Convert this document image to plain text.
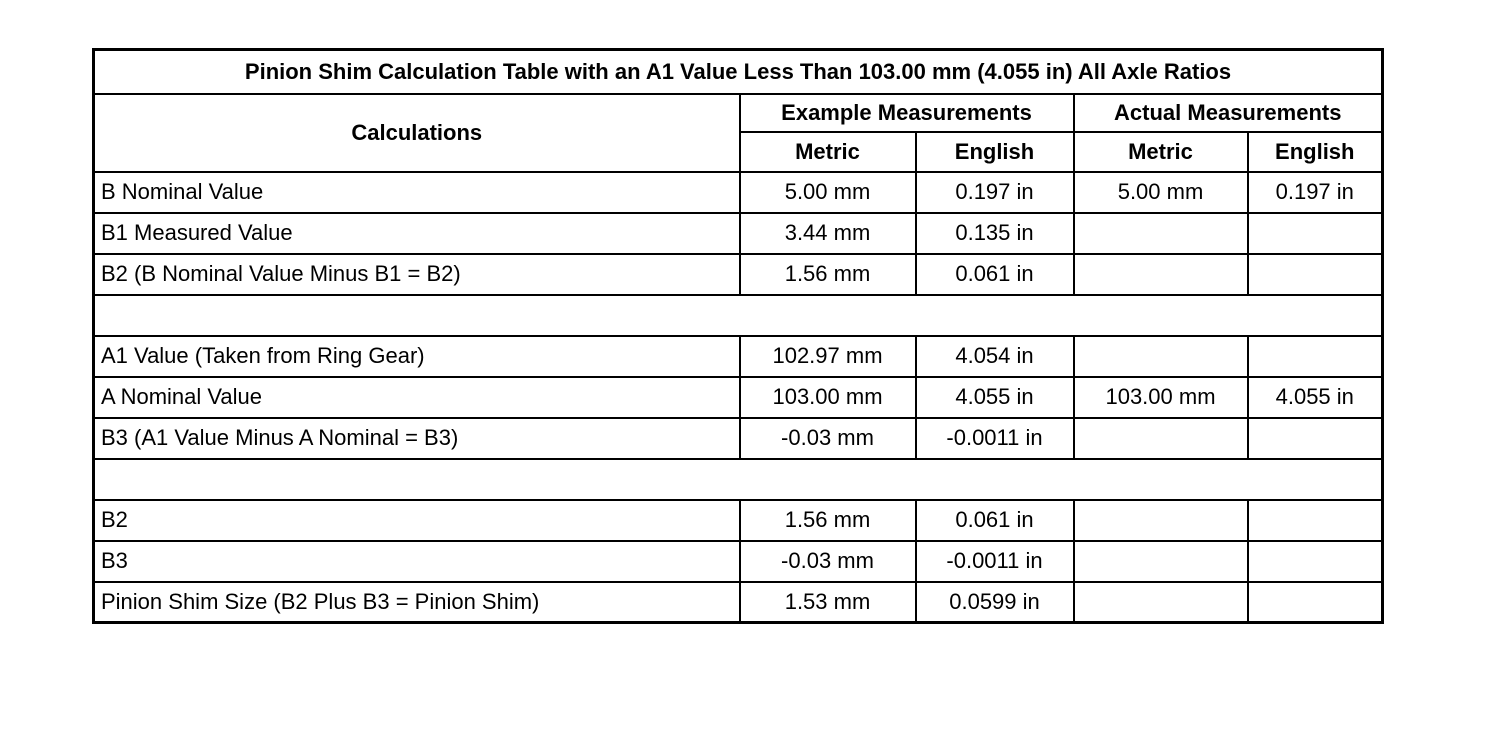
Pinion Shim Calculation Table with an A1 Value Less Than 103.00 mm (4.055 in) All Axle Ratios				
Calculations	Example Measurements		Actual Measurements	
	Metric	English	Metric	English
B Nominal Value	5.00 mm	0.197 in	5.00 mm	0.197 in
B1 Measured Value	3.44 mm	0.135 in		
B2 (B Nominal Value Minus B1 = B2)	1.56 mm	0.061 in		

A1 Value (Taken from Ring Gear)	102.97 mm	4.054 in		
A Nominal Value	103.00 mm	4.055 in	103.00 mm	4.055 in
B3 (A1 Value Minus A Nominal = B3)	-0.03 mm	-0.0011 in		

B2	1.56 mm	0.061 in		
B3	-0.03 mm	-0.0011 in		
Pinion Shim Size (B2 Plus B3 = Pinion Shim)	1.53 mm	0.0599 in		
